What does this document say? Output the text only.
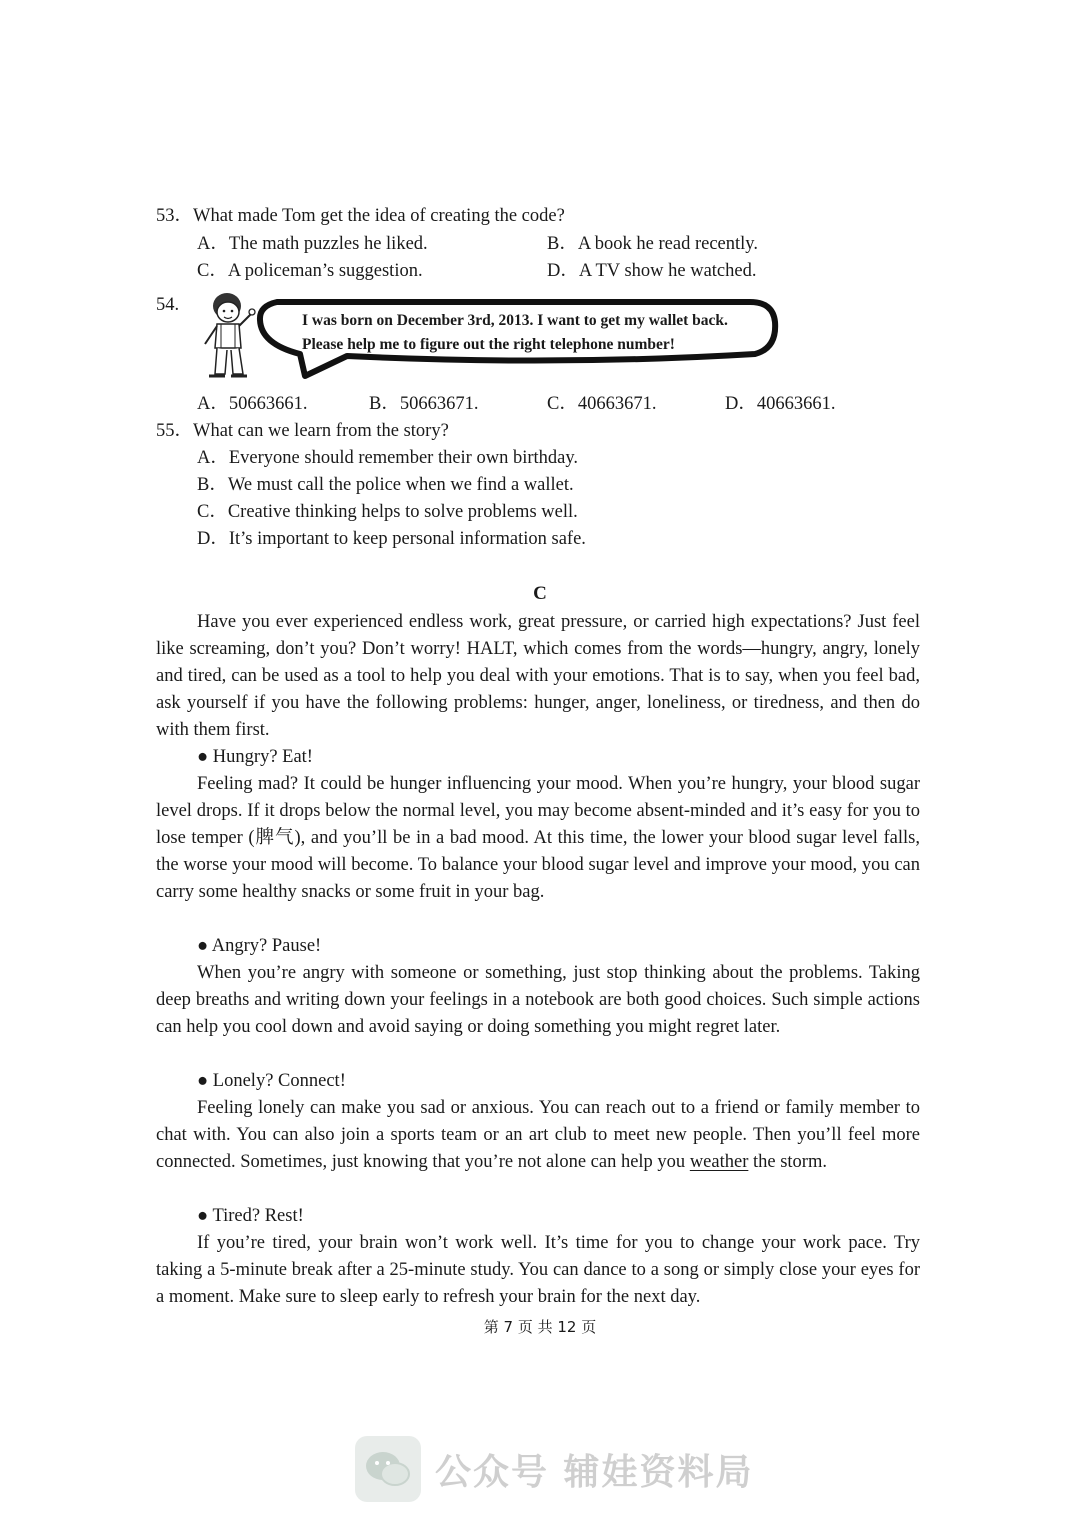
53．What made Tom get the idea of creating the code?
A．The math puzzles he liked.	B．A book he read recently.
C．A policeman’s suggestion.	D．A TV show he watched.
54.
I was born on December 3rd, 2013. I want to get my wallet back.
Please help me to figure out the right telephone number!
A．50663661.	B．50663671.	C．40663671.	D．40663661.
55．What can we learn from the story?
A．Everyone should remember their own birthday.
B．We must call the police when we find a wallet.
C．Creative thinking helps to solve problems well.
D．It’s important to keep personal information safe.
C
Have you ever experienced endless work, great pressure, or carried high expectations? Just feel like screaming, don’t you? Don’t worry! HALT, which comes from the words—hungry, angry, lonely and tired, can be used as a tool to help you deal with your emotions. That is to say, when you feel bad, ask yourself if you have the following problems: hunger, anger, loneliness, or tiredness, and then do with them first.
● Hungry? Eat!
Feeling mad? It could be hunger influencing your mood. When you’re hungry, your blood sugar level drops. If it drops below the normal level, you may become absent-minded and it’s easy for you to lose temper (脾气), and you’ll be in a bad mood. At this time, the lower your blood sugar level falls, the worse your mood will become. To balance your blood sugar level and improve your mood, you can carry some healthy snacks or some fruit in your bag.
● Angry? Pause!
When you’re angry with someone or something, just stop thinking about the problems. Taking deep breaths and writing down your feelings in a notebook are both good choices. Such simple actions can help you cool down and avoid saying or doing something you might regret later.
● Lonely? Connect!
Feeling lonely can make you sad or anxious. You can reach out to a friend or family member to chat with. You can also join a sports team or an art club to meet new people. Then you’ll feel more connected. Sometimes, just knowing that you’re not alone can help you weather the storm.
● Tired? Rest!
If you’re tired, your brain won’t work well. It’s time for you to change your work pace. Try taking a 5-minute break after a 25-minute study. You can dance to a song or simply close your eyes for a moment. Make sure to sleep early to refresh your brain for the next day.
第 7 页 共 12 页
公众号 辅娃资料局
